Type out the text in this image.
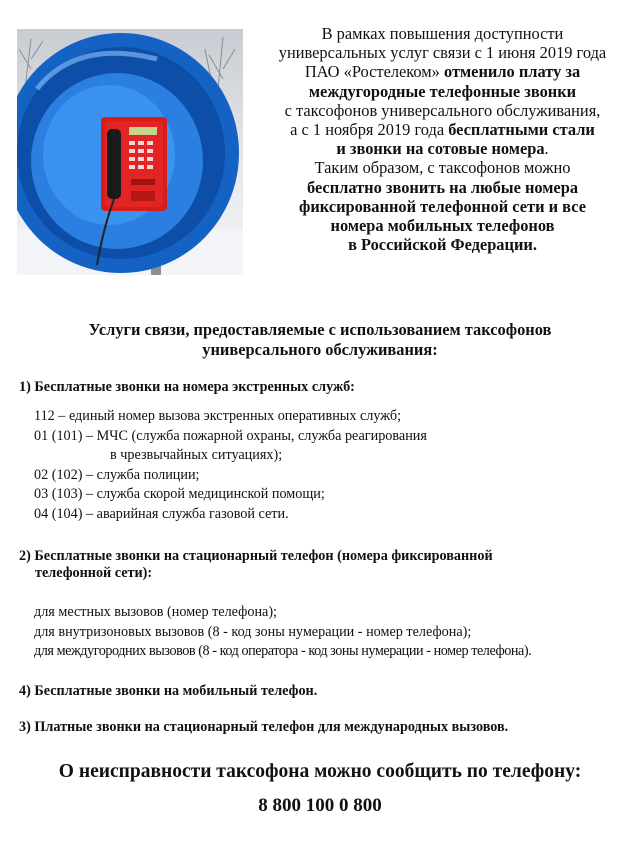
В рамках повышения доступности
универсальных услуг связи с 1 июня 2019 года
ПАО «Ростелеком» отменило плату за
междугородные телефонные звонки
с таксофонов универсального обслуживания,
а с 1 ноября 2019 года бесплатными стали
и звонки на сотовые номера.
Таким образом, с таксофонов можно
бесплатно звонить на любые номера
фиксированной телефонной сети и все
номера мобильных телефонов
в Российской Федерации.
Услуги связи, предоставляемые с использованием таксофонов
универсального обслуживания:
1) Бесплатные звонки на номера экстренных служб:
112 – единый номер вызова экстренных оперативных служб;
01 (101) – МЧС (служба пожарной охраны, служба реагирования
в чрезвычайных ситуациях);
02 (102) – служба полиции;
03 (103) – служба скорой медицинской помощи;
04 (104) – аварийная служба газовой сети.
2) Бесплатные звонки на стационарный телефон (номера фиксированной
телефонной сети):
для местных вызовов (номер телефона);
для внутризоновых вызовов (8 - код зоны нумерации - номер телефона);
для междугородних вызовов (8 - код оператора - код зоны нумерации - номер телефона).
4) Бесплатные звонки на мобильный телефон.
3) Платные звонки на стационарный телефон для международных вызовов.
О неисправности таксофона можно сообщить по телефону:
8 800 100 0 800
